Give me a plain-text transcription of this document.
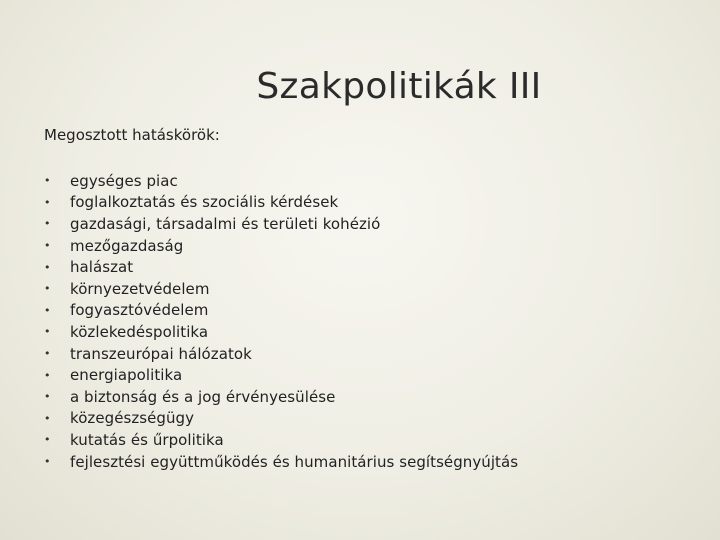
Szakpolitikák III
Megosztott hatáskörök:
•	egységes piac
•	foglalkoztatás és szociális kérdések
•	gazdasági, társadalmi és területi kohézió
•	mezőgazdaság
•	halászat
•	környezetvédelem
•	fogyasztóvédelem
•	közlekedéspolitika
•	transzeurópai hálózatok
•	energiapolitika
•	a biztonság és a jog érvényesülése
•	közegészségügy
•	kutatás és űrpolitika
•	fejlesztési együttműködés és humanitárius segítségnyújtás
